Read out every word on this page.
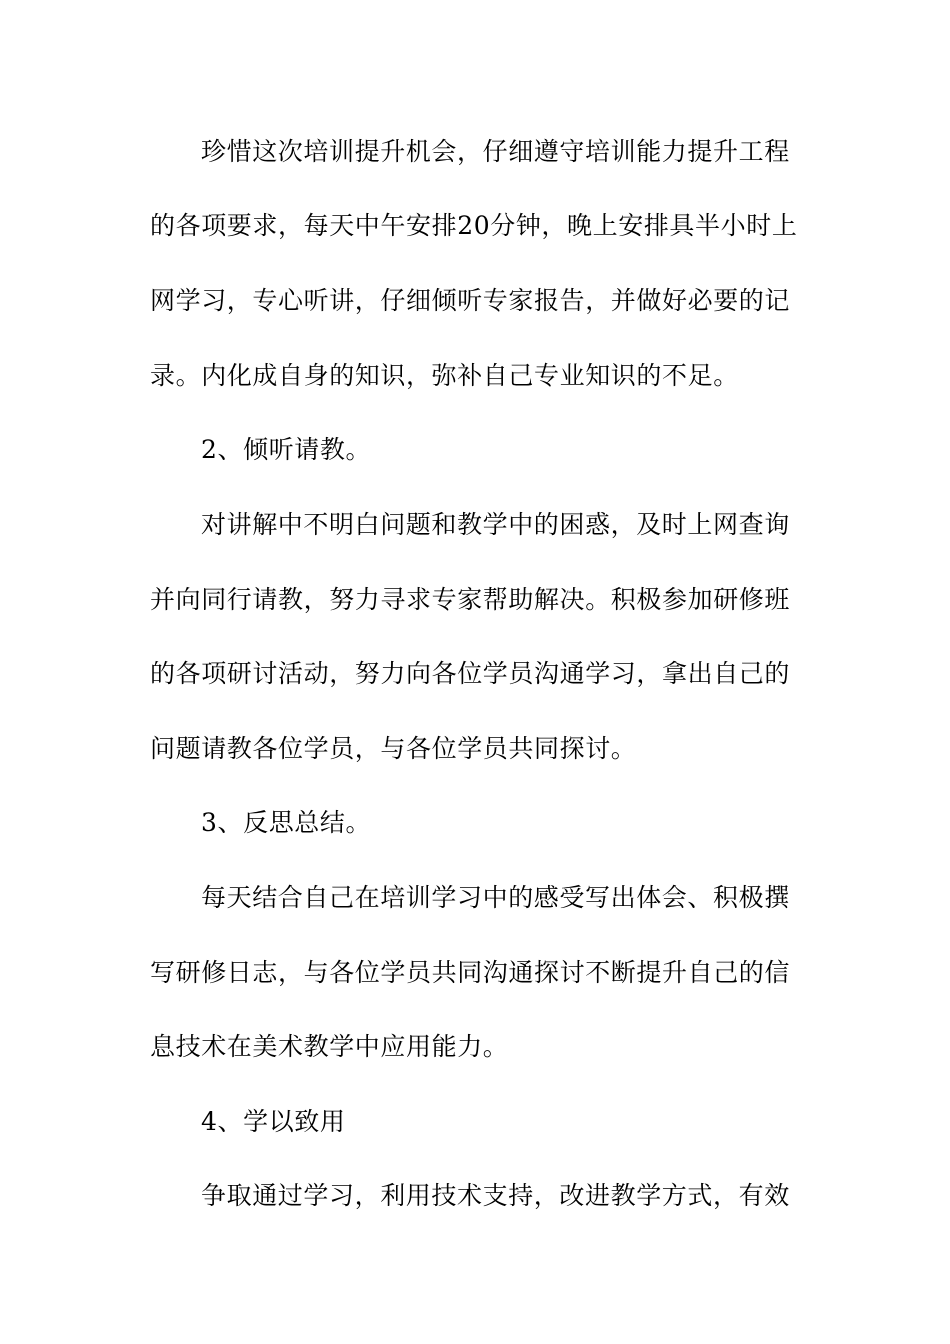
珍惜这次培训提升机会，仔细遵守培训能力提升工程
的各项要求，每天中午安排20分钟，晚上安排具半小时上
网学习，专心听讲，仔细倾听专家报告，并做好必要的记
录。内化成自身的知识，弥补自己专业知识的不足。
2、倾听请教。
对讲解中不明白问题和教学中的困惑，及时上网查询
并向同行请教，努力寻求专家帮助解决。积极参加研修班
的各项研讨活动，努力向各位学员沟通学习，拿出自己的
问题请教各位学员，与各位学员共同探讨。
3、反思总结。
每天结合自己在培训学习中的感受写出体会、积极撰
写研修日志，与各位学员共同沟通探讨不断提升自己的信
息技术在美术教学中应用能力。
4、学以致用
争取通过学习，利用技术支持，改进教学方式，有效
